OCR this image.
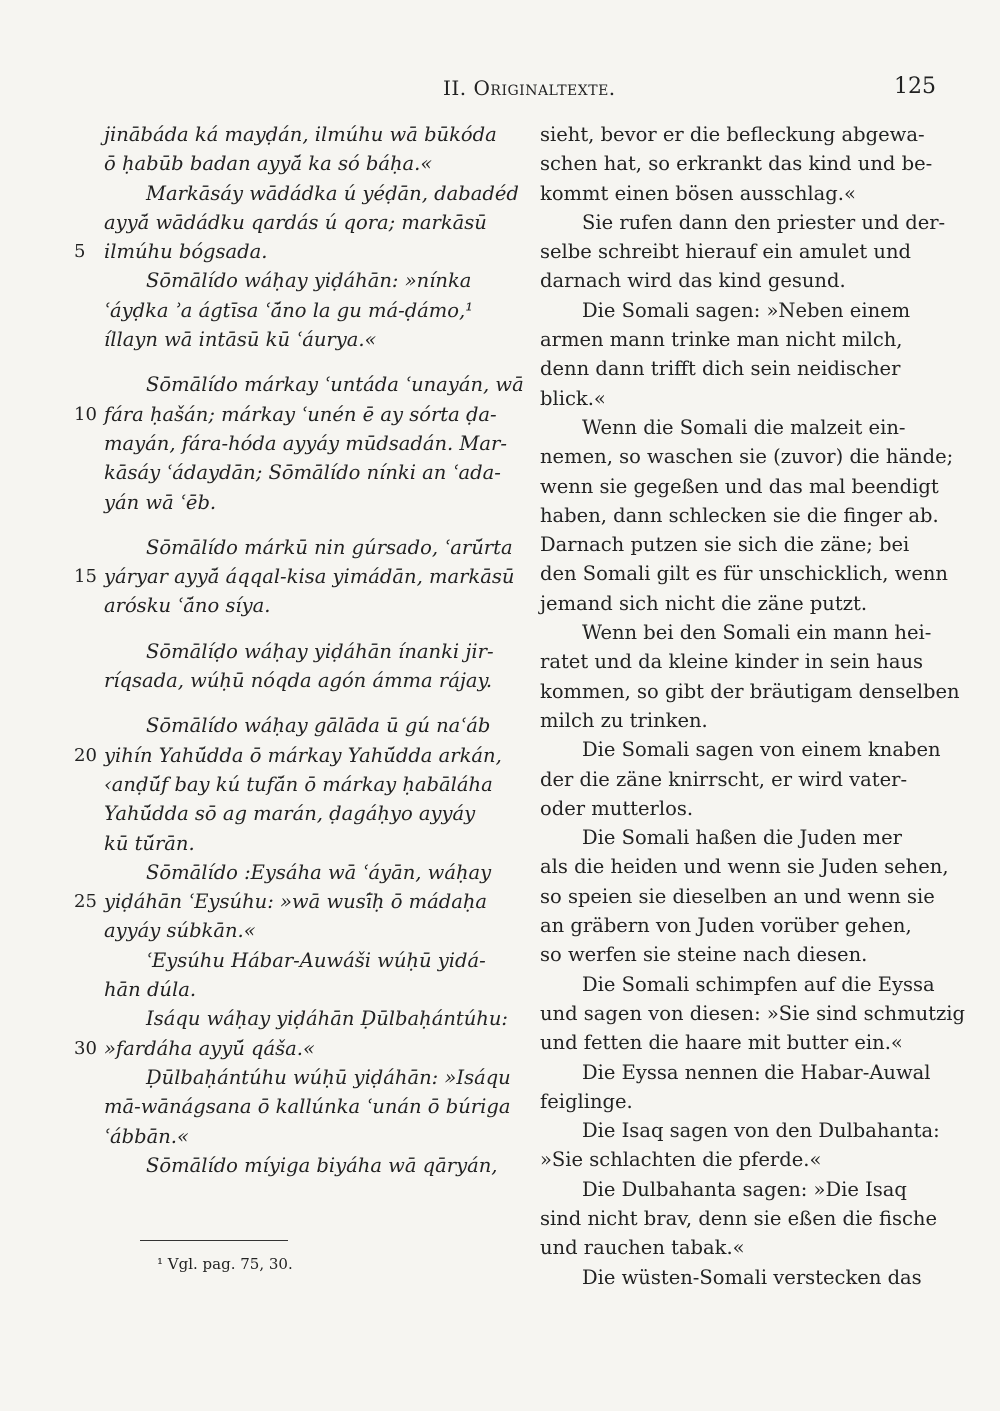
II. Originaltexte.	125
jinābáda ká mayḍán, ilmúhu wā būkóda
ō ḥabūb badan ayyā́ ka só báḥa.«
Markāsáy wādádka ú yéḍān, dabadéd
ayyā́ wādádku qardás ú qora; markāsū
ilmúhu bógsada.
5
Sōmālído wáḥay yiḍáhān: »nínka
ʿáyḍka ʾa ágtīsa ʿā́no la gu má-ḍámo,¹
íllayn wā intāsū kū ʿáurya.«
Sōmālído márkay ʿuntáda ʿunayán, wā
fára ḥašán; márkay ʿunén ē ay sórta ḍa-
10
mayán, fára-hóda ayyáy mūdsadán. Mar-
kāsáy ʿádaydān; Sōmālído nínki an ʿada-
yán wā ʿēb.
Sōmālído márkū nin gúrsado, ʿarū́rta
yáryar ayyā́ áqqal-kisa yimádān, markāsū
15
arósku ʿā́no síya.
Sōmālíḍo wáḥay yiḍáhān ínanki jir-
ríqsada, wúḥū nóqda agón ámma rájay.
Sōmālído wáḥay gālāda ū gú naʿáb
yihín Yahū́dda ō márkay Yahū́dda arkán,
20
‹anḍū́f bay kú tufā́n ō márkay ḥabāláha
Yahū́dda sō ag marán, ḍagáḥyo ayyáy
kū tū́rān.
Sōmālído :Eysáha wā ʿáyān, wáḥay
yiḍáhān ʿEysúhu: »wā wusī́ḥ ō mádaḥa
25
ayyáy súbkān.«
ʿEysúhu Hábar-Auwáši wúḥū yidá-
hān dúla.
Isáqu wáḥay yiḍáhān Ḍūlbaḥántúhu:
»fardáha ayyū́ qáša.«
30
Ḍūlbaḥántúhu wúḥū yiḍáhān: »Isáqu
mā-wānágsana ō kallúnka ʿunán ō búriga
ʿábbān.«
Sōmālído míyiga biyáha wā qāryán,
sieht, bevor er die befleckung abgewa-
schen hat, so erkrankt das kind und be-
kommt einen bösen ausschlag.«
Sie rufen dann den priester und der-
selbe schreibt hierauf ein amulet und
darnach wird das kind gesund.
Die Somali sagen: »Neben einem
armen mann trinke man nicht milch,
denn dann trifft dich sein neidischer
blick.«
Wenn die Somali die malzeit ein-
nemen, so waschen sie (zuvor) die hände;
wenn sie gegeßen und das mal beendigt
haben, dann schlecken sie die finger ab.
Darnach putzen sie sich die zäne; bei
den Somali gilt es für unschicklich, wenn
jemand sich nicht die zäne putzt.
Wenn bei den Somali ein mann hei-
ratet und da kleine kinder in sein haus
kommen, so gibt der bräutigam denselben
milch zu trinken.
Die Somali sagen von einem knaben
der die zäne knirrscht, er wird vater-
oder mutterlos.
Die Somali haßen die Juden mer
als die heiden und wenn sie Juden sehen,
so speien sie dieselben an und wenn sie
an gräbern von Juden vorüber gehen,
so werfen sie steine nach diesen.
Die Somali schimpfen auf die Eyssa
und sagen von diesen: »Sie sind schmutzig
und fetten die haare mit butter ein.«
Die Eyssa nennen die Habar-Auwal
feiglinge.
Die Isaq sagen von den Dulbahanta:
»Sie schlachten die pferde.«
Die Dulbahanta sagen: »Die Isaq
sind nicht brav, denn sie eßen die fische
und rauchen tabak.«
Die wüsten-Somali verstecken das
¹ Vgl. pag. 75, 30.
